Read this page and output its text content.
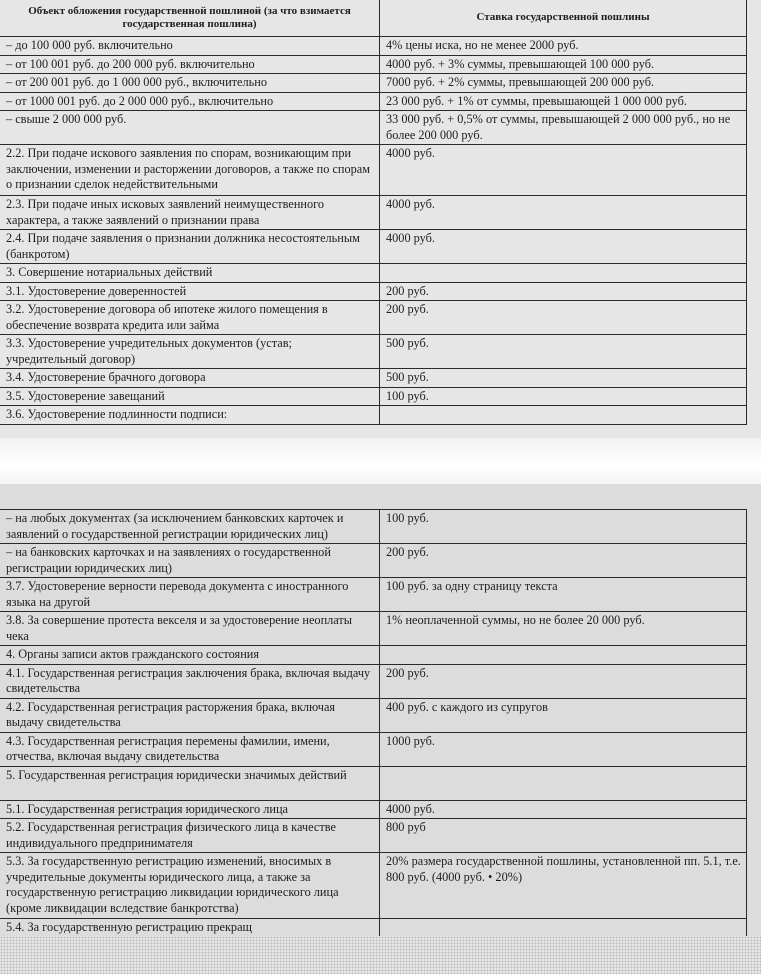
Объект обложения государственной пошлиной (за что взимается государственная пошлина)	Ставка государственной пошлины
– до 100 000 руб. включительно	4% цены иска, но не менее 2000 руб.
– от 100 001 руб. до 200 000 руб. включительно	4000 руб. + 3% суммы, превышающей 100 000 руб.
– от 200 001 руб. до 1 000 000 руб., включительно	7000 руб. + 2% суммы, превышающей 200 000 руб.
– от 1000 001 руб. до 2 000 000 руб., включительно	23 000 руб. + 1% от суммы, превышающей 1 000 000 руб.
– свыше 2 000 000 руб.	33 000 руб. + 0,5% от суммы, превышающей 2 000 000 руб., но не более 200 000 руб.
2.2. При подаче искового заявления по спорам, возникающим при заключении, изменении и расторжении договоров, а также по спорам о признании сделок недействительными	4000 руб.
2.3. При подаче иных исковых заявлений неимущественного характера, а также заявлений о признании права	4000 руб.
2.4. При подаче заявления о признании должника несостоятельным (банкротом)	4000 руб.
3. Совершение нотариальных действий	
3.1. Удостоверение доверенностей	200 руб.
3.2. Удостоверение договора об ипотеке жилого помещения в обеспечение возврата кредита или займа	200 руб.
3.3. Удостоверение учредительных документов (устав; учредительный договор)	500 руб.
3.4. Удостоверение брачного договора	500 руб.
3.5. Удостоверение завещаний	100 руб.
3.6. Удостоверение подлинности подписи:	
– на любых документах (за исключением банковских карточек и заявлений о государственной регистрации юридических лиц)	100 руб.
– на банковских карточках и на заявлениях о государственной регистрации юридических лиц)	200 руб.
3.7. Удостоверение верности перевода документа с иностранного языка на другой	100 руб. за одну страницу текста
3.8. За совершение протеста векселя и за удостоверение неоплаты чека	1% неоплаченной суммы, но не более 20 000 руб.
4. Органы записи актов гражданского состояния	
4.1. Государственная регистрация заключения брака, включая выдачу свидетельства	200 руб.
4.2. Государственная регистрация расторжения брака, включая выдачу свидетельства	400 руб. с каждого из супругов
4.3. Государственная регистрация перемены фамилии, имени, отчества, включая выдачу свидетельства	1000 руб.
5. Государственная регистрация юридически значимых действий	
5.1. Государственная регистрация юридического лица	4000 руб.
5.2. Государственная регистрация физического лица в качестве индивидуального предпринимателя	800 руб
5.3. За государственную регистрацию изменений, вносимых в учредительные документы юридического лица, а также за государственную регистрацию ликвидации юридического лица (кроме ликвидации вследствие банкротства)	20% размера государственной пошлины, установленной пп. 5.1, т.е. 800 руб. (4000 руб. • 20%)
5.4. За государственную регистрацию прекращ	
